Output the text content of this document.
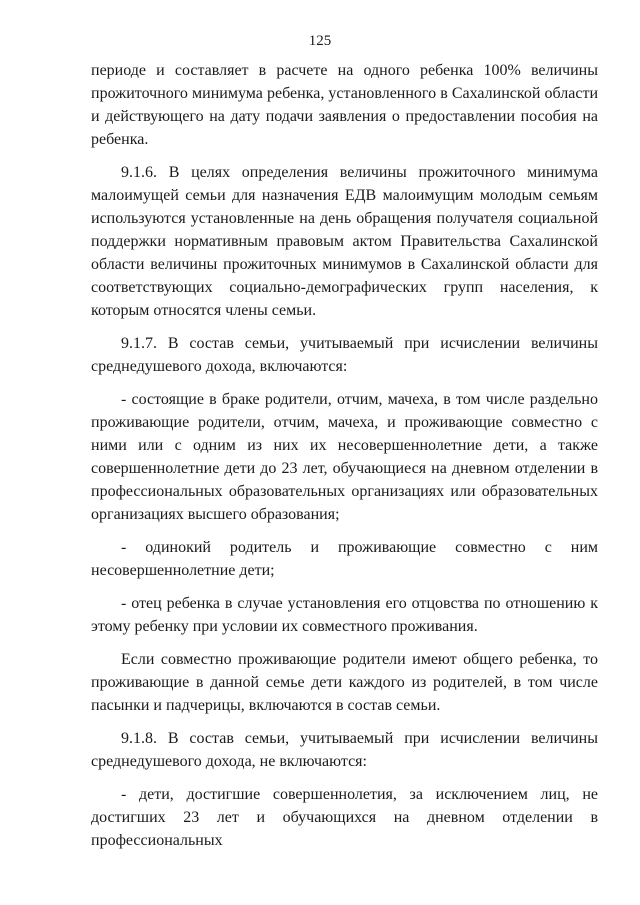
125

периоде и составляет в расчете на одного ребенка 100% величины прожиточного минимума ребенка, установленного в Сахалинской области и действующего на дату подачи заявления о предоставлении пособия на ребенка.

9.1.6. В целях определения величины прожиточного минимума малоимущей семьи для назначения ЕДВ малоимущим молодым семьям используются установленные на день обращения получателя социальной поддержки нормативным правовым актом Правительства Сахалинской области величины прожиточных минимумов в Сахалинской области для соответствующих социально-демографических групп населения, к которым относятся члены семьи.

9.1.7. В состав семьи, учитываемый при исчислении величины среднедушевого дохода, включаются:

- состоящие в браке родители, отчим, мачеха, в том числе раздельно проживающие родители, отчим, мачеха, и проживающие совместно с ними или с одним из них их несовершеннолетние дети, а также совершеннолетние дети до 23 лет, обучающиеся на дневном отделении в профессиональных образовательных организациях или образовательных организациях высшего образования;

- одинокий родитель и проживающие совместно с ним несовершеннолетние дети;

- отец ребенка в случае установления его отцовства по отношению к этому ребенку при условии их совместного проживания.

Если совместно проживающие родители имеют общего ребенка, то проживающие в данной семье дети каждого из родителей, в том числе пасынки и падчерицы, включаются в состав семьи.

9.1.8. В состав семьи, учитываемый при исчислении величины среднедушевого дохода, не включаются:

- дети, достигшие совершеннолетия, за исключением лиц, не достигших 23 лет и обучающихся на дневном отделении в профессиональных
